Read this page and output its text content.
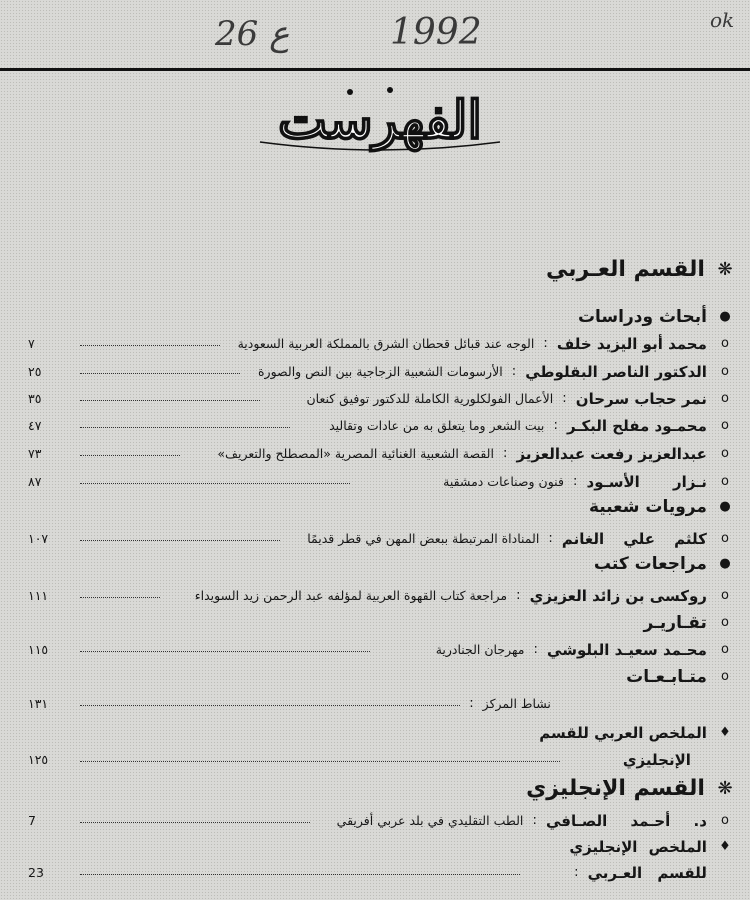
26 ع	1992	ok
الفهرست
❋ القسم العـربي
● أبحاث ودراسات
o محمد أبو اليزيد خلف : الوجه عند قبائل قحطان الشرق بالمملكة العربية السعودية
٧
o الدكتور الناصر البقلوطي : الأرسومات الشعبية الزجاجية بين النص والصورة
٢٥
o نمر حجاب سرحان : الأعمال الفولكلورية الكاملة للدكتور توفيق كنعان
٣٥
o محمـود مفلح البكـر : بيت الشعر وما يتعلق به من عادات وتقاليد
٤٧
o عبدالعزيز رفعت عبدالعزيز : القصة الشعبية الغنائية المصرية «المصطلح والتعريف»
٧٣
o نـزار الأسـود : فنون وصناعات دمشقية
٨٧
● مرويات شعبية
o كلثم علي الغانم : المناداة المرتبطة ببعض المهن في قطر قديمًا
١٠٧
● مراجعات كتب
o روكسى بن زائد العزيزي : مراجعة كتاب القهوة العربية لمؤلفه عبد الرحمن زيد السويداء
١١١
o تقـاريـر
o محـمد سعيـد البلوشي : مهرجان الجنادرية
١١٥
o متـابـعـات
نشاط المركز :
١٣١
♦ الملخص العربي للقسم
الإنجليزي
١٢٥
❋ القسم الإنجليزي
o د. أحـمد الصـافي : الطب التقليدي في بلد عربي أفريقي
7
♦ الملخص الإنجليزي
للقسم العـربي :
23
